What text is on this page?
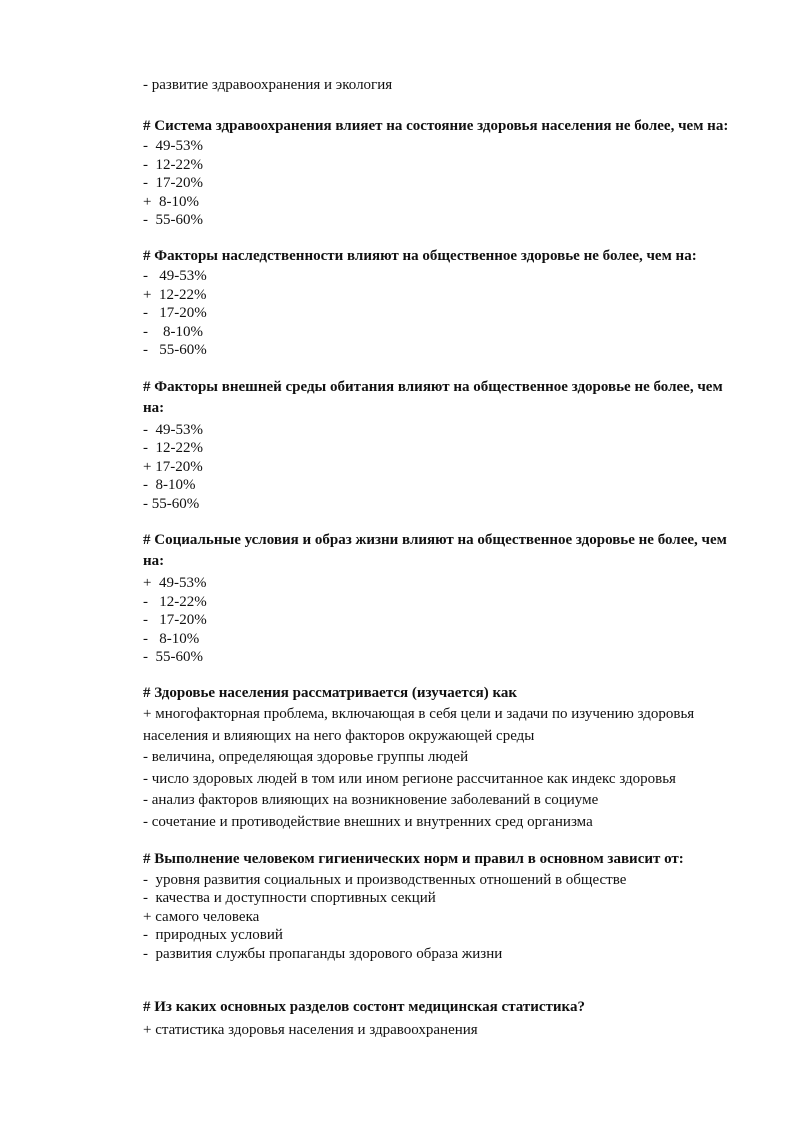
- развитие здравоохранения и экология

# Система здравоохранения влияет на состояние здоровья населения не более, чем на:

-  49-53%

-  12-22%

-  17-20%

+  8-10%

-  55-60%

# Факторы наследственности влияют на общественное здоровье не более, чем на:

-   49-53%

+  12-22%

-   17-20%

-    8-10%

-   55-60%

# Факторы внешней среды обитания влияют на общественное здоровье не более, чем на:

-  49-53%

-  12-22%

+ 17-20%

-  8-10%

- 55-60%

# Социальные условия и образ жизни влияют на общественное здоровье не более, чем на:

+  49-53%

-   12-22%

-   17-20%

-   8-10%

-  55-60%

# Здоровье населения рассматривается (изучается) как

+ многофакторная проблема, включающая в себя цели и задачи по изучению здоровья населения и влияющих на него факторов окружающей среды

- величина, определяющая здоровье группы людей

- число здоровых людей в том или ином регионе рассчитанное как индекс здоровья

- анализ факторов влияющих на возникновение заболеваний в социуме

- сочетание и противодействие внешних и внутренних сред организма

# Выполнение человеком гигиенических норм и правил в основном зависит от:

-  уровня развития социальных и производственных отношений в обществе

-  качества и доступности спортивных секций

+ самого человека

-  природных условий

-  развития службы пропаганды здорового образа жизни

# Из каких основных разделов состонт медицинская статистика?

+ статистика здоровья населения и здравоохранения
